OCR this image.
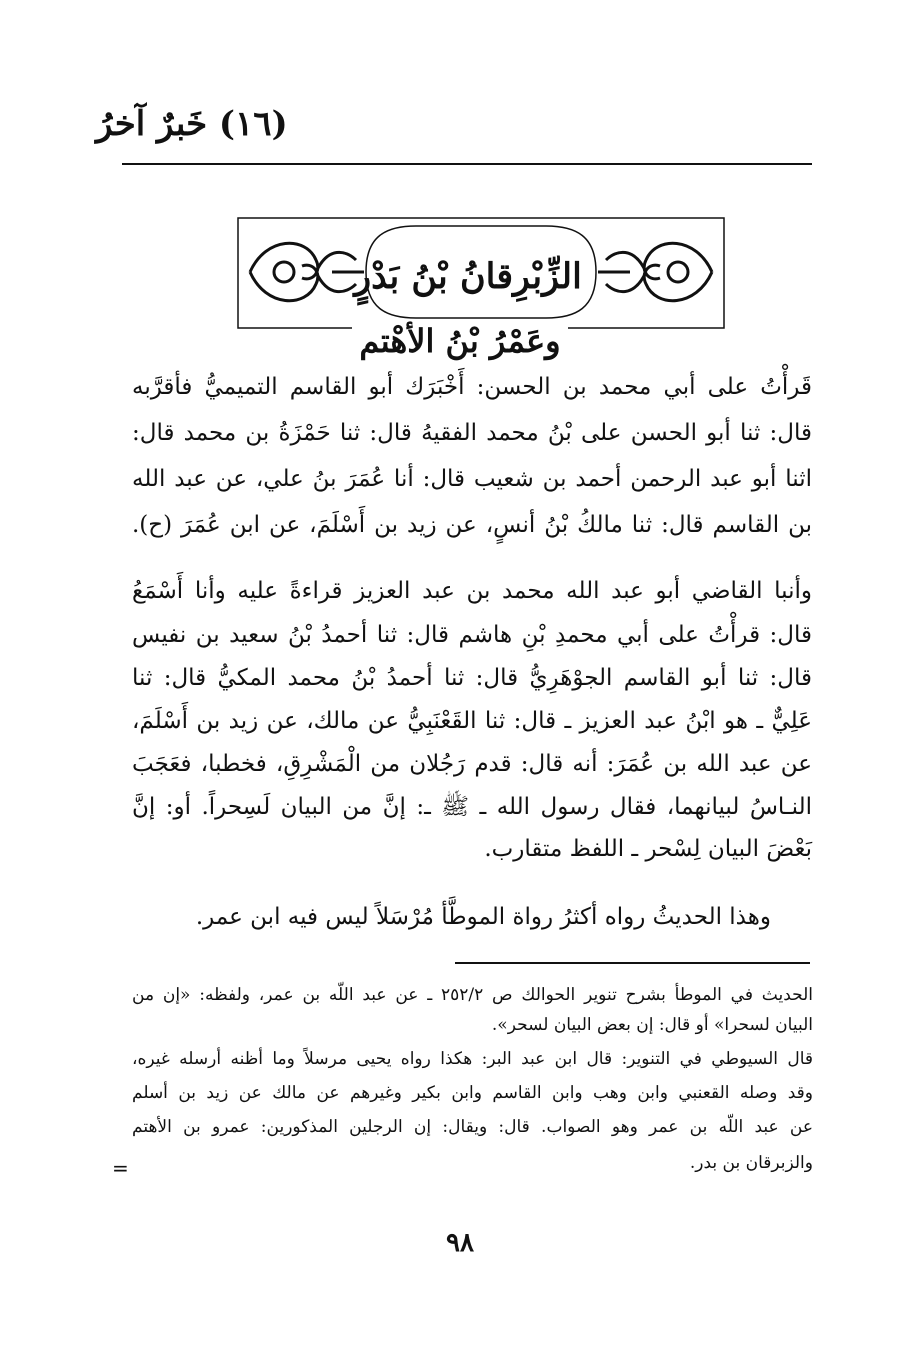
(١٦) خَبرٌ آخرُ
الزِّبْرِقانُ بْنُ بَدْرٍ
وعَمْرُ بْنُ الأهْتم
قَرأْتُ على أبي محمد بن الحسن: أَخْبَرَك أبو القاسم التميميُّ فأقرَّبه
قال: ثنا أبو الحسن على بْنُ محمد الفقيهُ قال: ثنا حَمْزَةُ بن محمد قال:
اثنا أبو عبد الرحمن أحمد بن شعيب قال: أنا عُمَرَ بنُ علي، عن عبد الله
بن القاسم قال: ثنا مالكُ بْنُ أنسٍ، عن زيد بن أَسْلَمَ، عن ابن عُمَرَ (ح).
وأنبا القاضي أبو عبد الله محمد بن عبد العزيز قراءةً عليه وأنا أَسْمَعُ
قال: قرأْتُ على أبي محمدِ بْنِ هاشم قال: ثنا أحمدُ بْنُ سعيد بن نفيس
قال: ثنا أبو القاسم الجوْهَرِيُّ قال: ثنا أحمدُ بْنُ محمد المكيُّ قال: ثنا
عَلِيٌّ ـ هو ابْنُ عبد العزيز ـ قال: ثنا القَعْنَبِيُّ عن مالك، عن زيد بن أَسْلَمَ،
عن عبد الله بن عُمَرَ: أنه قال: قدم رَجُلان من الْمَشْرِقِ، فخطبا، فعَجَبَ
النـاسُ لبيانهما، فقال رسول الله ـ ﷺ ـ: إنَّ من البيان لَسِحراً. أو: إنَّ
بَعْضَ البيان لِسْحر ـ اللفظ متقارب.
وهذا الحديثُ رواه أكثرُ رواة الموطَّأ مُرْسَلاً ليس فيه ابن عمر.
الحديث في الموطأ بشرح تنوير الحوالك ص ٢٥٢/٢ ـ عن عبد اللّه بن عمر، ولفظه: «إن من
البيان لسحرا» أو قال: إن بعض البيان لسحر».
قال السيوطي في التنوير: قال ابن عبد البر: هكذا رواه يحيى مرسلاً وما أظنه أرسله غيره،
وقد وصله القعنبي وابن وهب وابن القاسم وابن بكير وغيرهم عن مالك عن زيد بن أسلم
عن عبد اللّه بن عمر وهو الصواب. قال: ويقال: إن الرجلين المذكورين: عمرو بن الأهتم
والزبرقان بن بدر.
=
٩٨
